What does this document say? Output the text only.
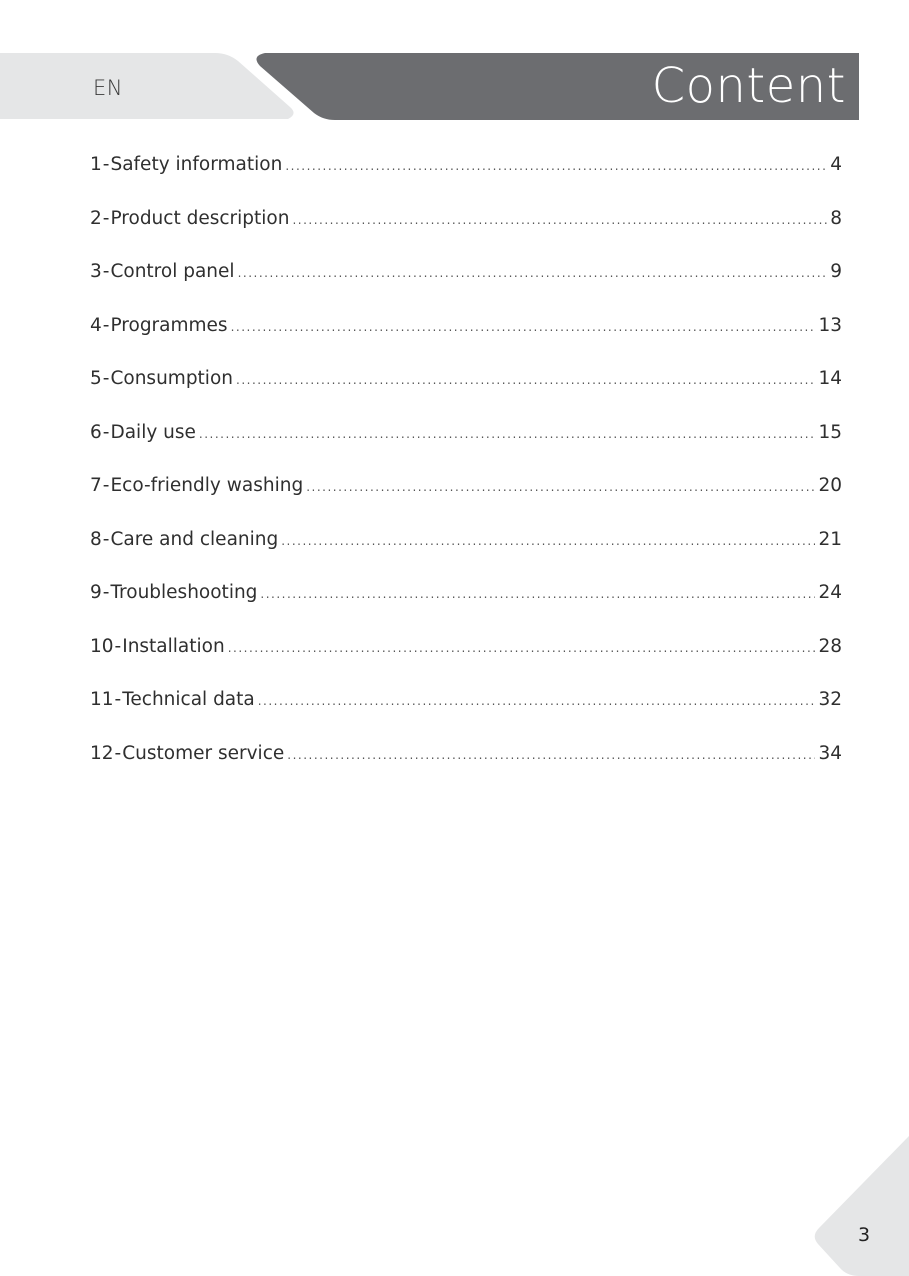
EN	Content
1 - Safety information .....	4
2 - Product description .....	8
3 - Control panel .....	9
4 - Programmes .....	13
5 - Consumption .....	14
6 - Daily use .....	15
7 - Eco-friendly washing .....	20
8 - Care and cleaning .....	21
9 - Troubleshooting .....	24
10 - Installation .....	28
11 - Technical data .....	32
12 - Customer service .....	34
3
